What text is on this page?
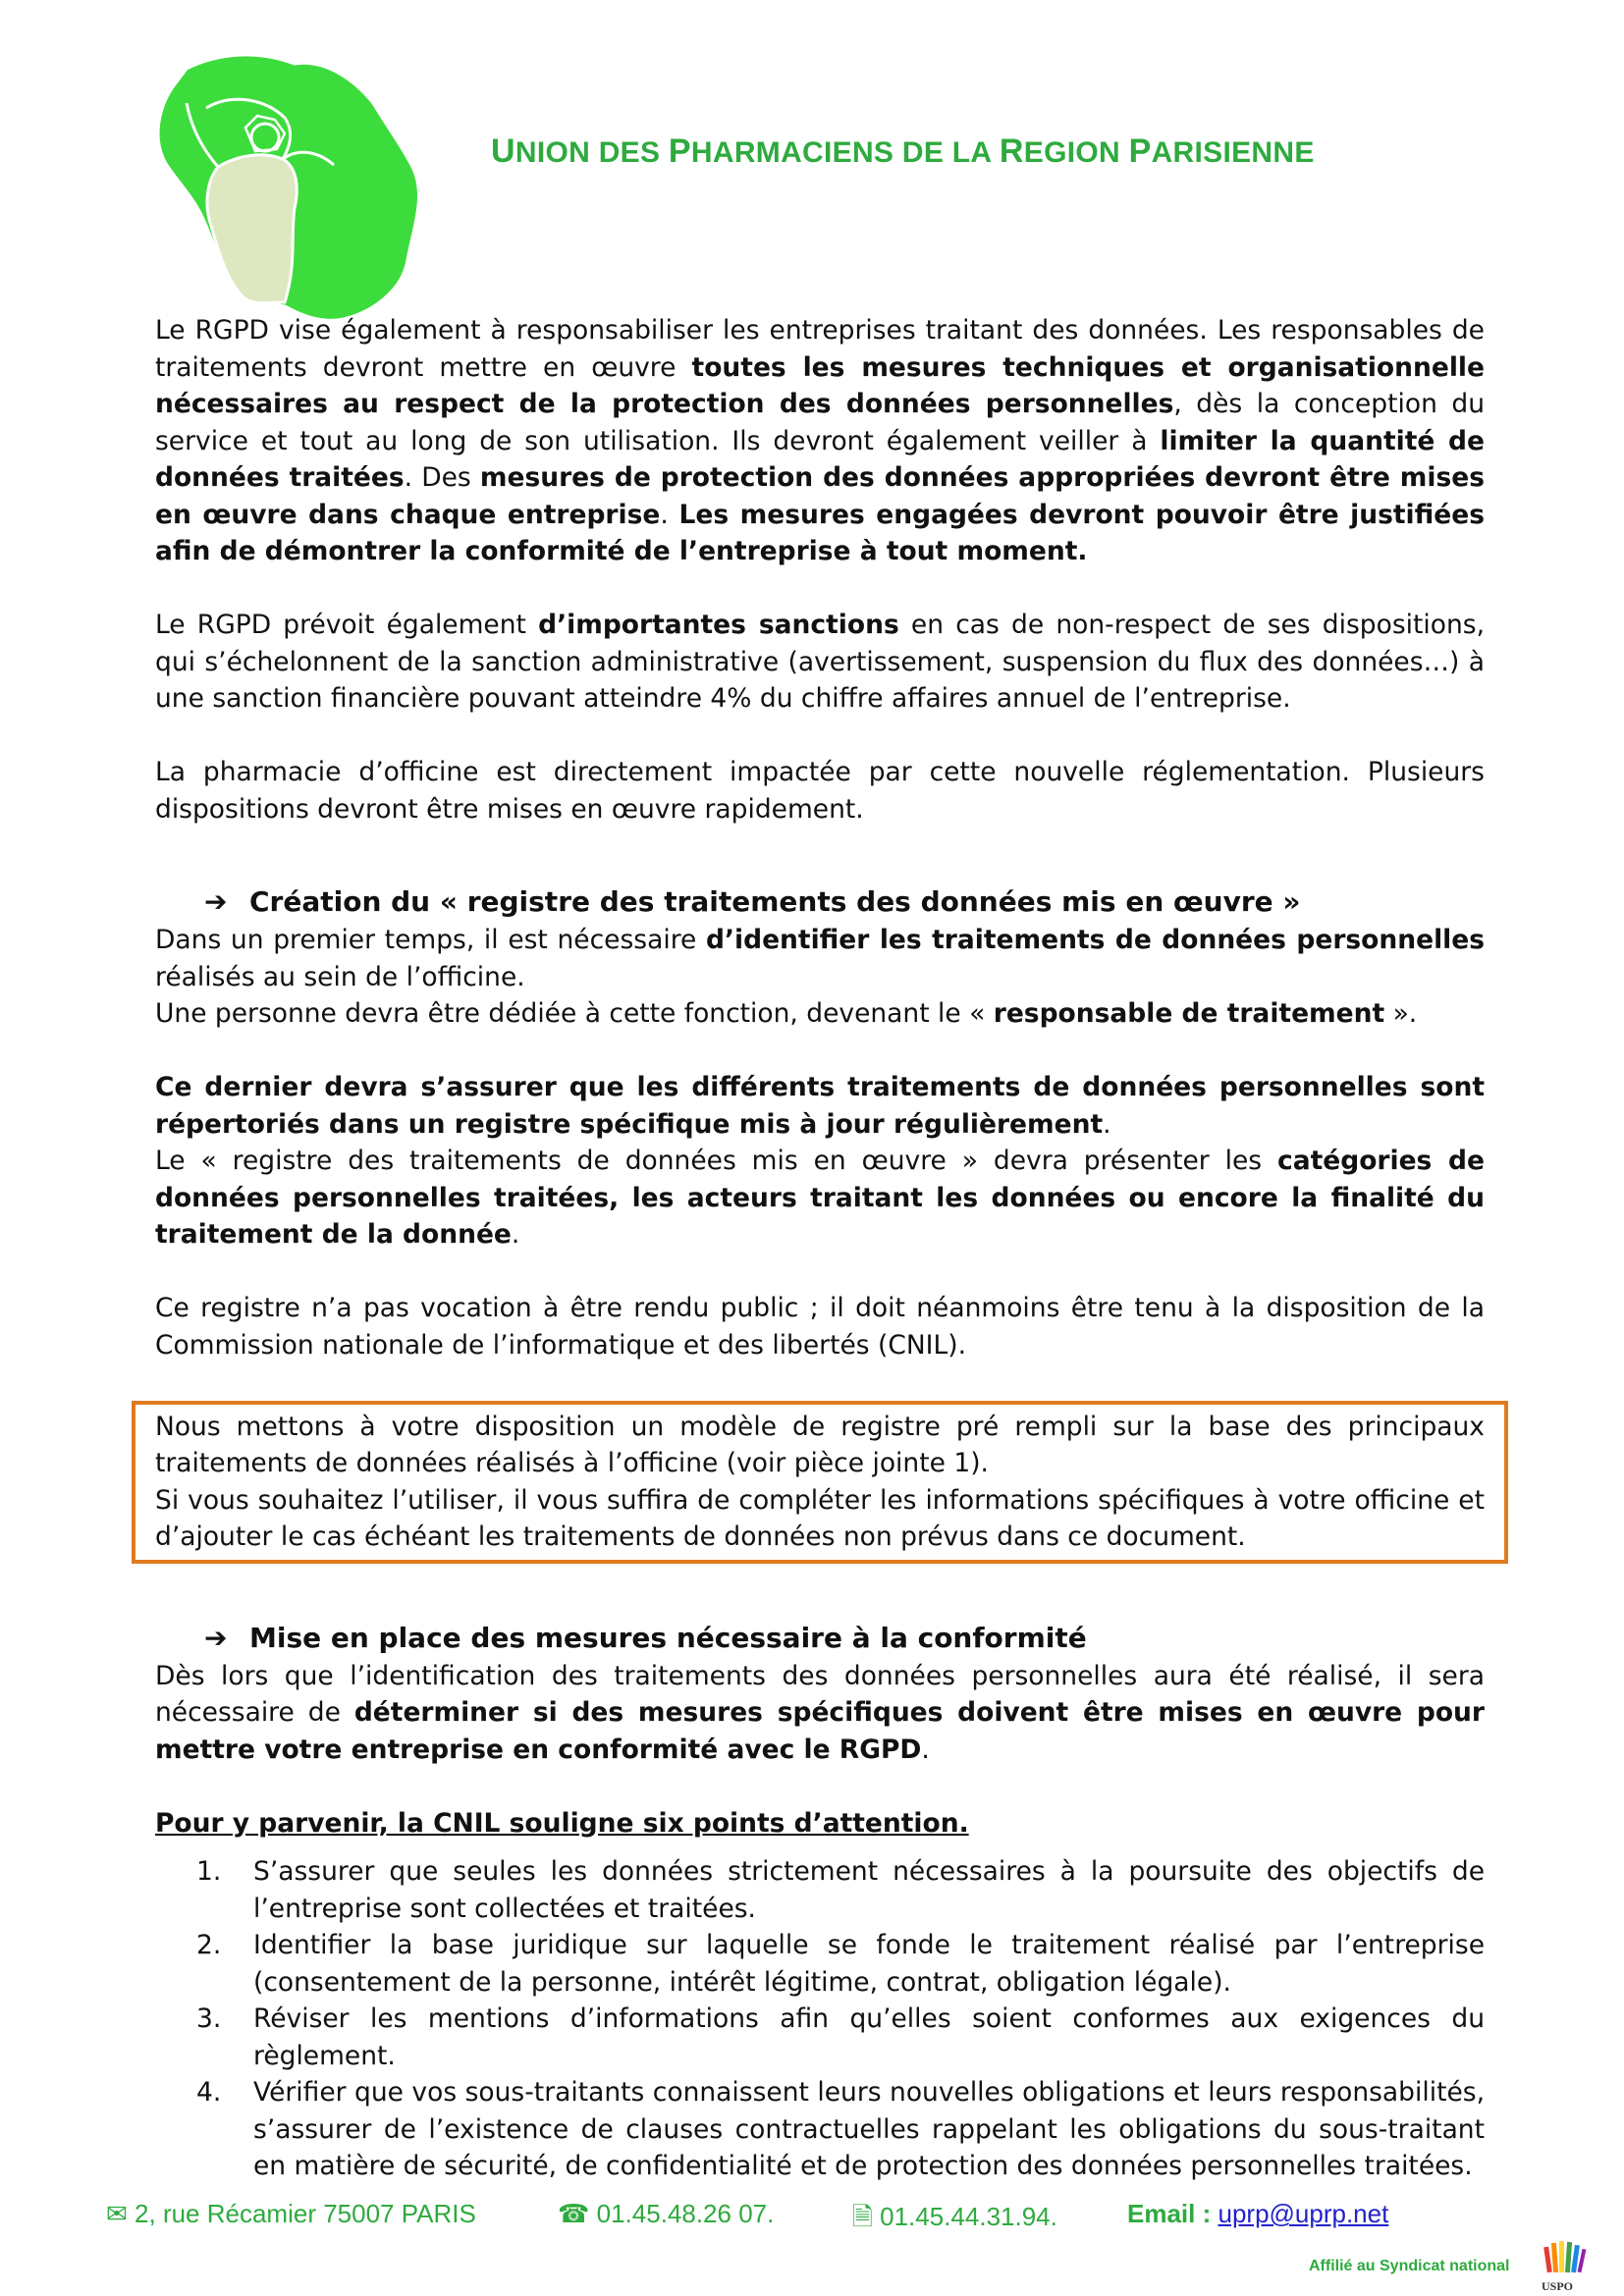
UNION DES PHARMACIENS DE LA REGION PARISIENNE

Le RGPD vise également à responsabiliser les entreprises traitant des données. Les responsables de traitements devront mettre en œuvre toutes les mesures techniques et organisationnelle nécessaires au respect de la protection des données personnelles, dès la conception du service et tout au long de son utilisation. Ils devront également veiller à limiter la quantité de données traitées. Des mesures de protection des données appropriées devront être mises en œuvre dans chaque entreprise. Les mesures engagées devront pouvoir être justifiées afin de démontrer la conformité de l’entreprise à tout moment.

Le RGPD prévoit également d’importantes sanctions en cas de non-respect de ses dispositions, qui s’échelonnent de la sanction administrative (avertissement, suspension du flux des données…) à une sanction financière pouvant atteindre 4% du chiffre affaires annuel de l’entreprise.

La pharmacie d’officine est directement impactée par cette nouvelle réglementation. Plusieurs dispositions devront être mises en œuvre rapidement.

➔ Création du « registre des traitements des données mis en œuvre »

Dans un premier temps, il est nécessaire d’identifier les traitements de données personnelles réalisés au sein de l’officine.

Une personne devra être dédiée à cette fonction, devenant le « responsable de traitement ».

Ce dernier devra s’assurer que les différents traitements de données personnelles sont répertoriés dans un registre spécifique mis à jour régulièrement.

Le « registre des traitements de données mis en œuvre » devra présenter les catégories de données personnelles traitées, les acteurs traitant les données ou encore la finalité du traitement de la donnée.

Ce registre n’a pas vocation à être rendu public ; il doit néanmoins être tenu à la disposition de la Commission nationale de l’informatique et des libertés (CNIL).

Nous mettons à votre disposition un modèle de registre pré rempli sur la base des principaux traitements de données réalisés à l’officine (voir pièce jointe 1).

Si vous souhaitez l’utiliser, il vous suffira de compléter les informations spécifiques à votre officine et d’ajouter le cas échéant les traitements de données non prévus dans ce document.

➔ Mise en place des mesures nécessaire à la conformité

Dès lors que l’identification des traitements des données personnelles aura été réalisé, il sera nécessaire de déterminer si des mesures spécifiques doivent être mises en œuvre pour mettre votre entreprise en conformité avec le RGPD.

Pour y parvenir, la CNIL souligne six points d’attention.

1. S’assurer que seules les données strictement nécessaires à la poursuite des objectifs de l’entreprise sont collectées et traitées.
2. Identifier la base juridique sur laquelle se fonde le traitement réalisé par l’entreprise (consentement de la personne, intérêt légitime, contrat, obligation légale).
3. Réviser les mentions d’informations afin qu’elles soient conformes aux exigences du règlement.
4. Vérifier que vos sous-traitants connaissent leurs nouvelles obligations et leurs responsabilités, s’assurer de l’existence de clauses contractuelles rappelant les obligations du sous-traitant en matière de sécurité, de confidentialité et de protection des données personnelles traitées.
✉ 2, rue Récamier 75007 PARIS	☎ 01.45.48.26 07.	🗎 01.45.44.31.94.	Email : uprp@uprp.net
Affilié au Syndicat national
USPO
